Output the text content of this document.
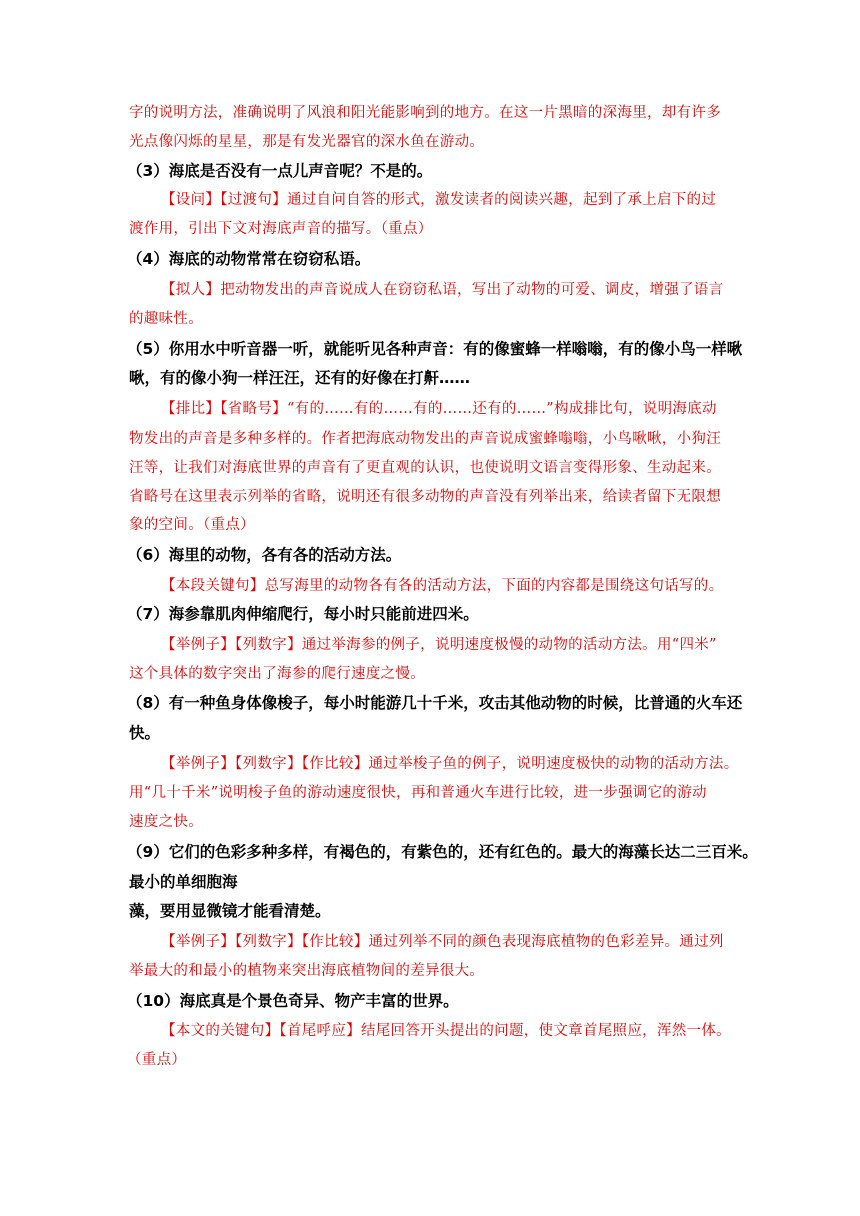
字的说明方法，准确说明了风浪和阳光能影响到的地方。在这一片黑暗的深海里，却有许多
光点像闪烁的星星，那是有发光器官的深水鱼在游动。
（3）海底是否没有一点儿声音呢？不是的。
【设问】【过渡句】通过自问自答的形式，激发读者的阅读兴趣，起到了承上启下的过
渡作用，引出下文对海底声音的描写。（重点）
（4）海底的动物常常在窃窃私语。
【拟人】把动物发出的声音说成人在窃窃私语，写出了动物的可爱、调皮，增强了语言
的趣味性。
（5）你用水中听音器一听，就能听见各种声音：有的像蜜蜂一样嗡嗡，有的像小鸟一样啾
啾，有的像小狗一样汪汪，还有的好像在打鼾……
【排比】【省略号】“有的……有的……有的……还有的……”构成排比句，说明海底动
物发出的声音是多种多样的。作者把海底动物发出的声音说成蜜蜂嗡嗡，小鸟啾啾，小狗汪
汪等，让我们对海底世界的声音有了更直观的认识，也使说明文语言变得形象、生动起来。
省略号在这里表示列举的省略，说明还有很多动物的声音没有列举出来，给读者留下无限想
象的空间。（重点）
（6）海里的动物，各有各的活动方法。
【本段关键句】总写海里的动物各有各的活动方法，下面的内容都是围绕这句话写的。
（7）海参靠肌肉伸缩爬行，每小时只能前进四米。
【举例子】【列数字】通过举海参的例子，说明速度极慢的动物的活动方法。用“四米”
这个具体的数字突出了海参的爬行速度之慢。
（8）有一种鱼身体像梭子，每小时能游几十千米，攻击其他动物的时候，比普通的火车还
快。
【举例子】【列数字】【作比较】通过举梭子鱼的例子，说明速度极快的动物的活动方法。
用“几十千米”说明梭子鱼的游动速度很快，再和普通火车进行比较，进一步强调它的游动
速度之快。
（9）它们的色彩多种多样，有褐色的，有紫色的，还有红色的。最大的海藻长达二三百米。
最小的单细胞海
藻，要用显微镜才能看清楚。
【举例子】【列数字】【作比较】通过列举不同的颜色表现海底植物的色彩差异。通过列
举最大的和最小的植物来突出海底植物间的差异很大。
（10）海底真是个景色奇异、物产丰富的世界。
【本文的关键句】【首尾呼应】结尾回答开头提出的问题，使文章首尾照应，浑然一体。
（重点）
